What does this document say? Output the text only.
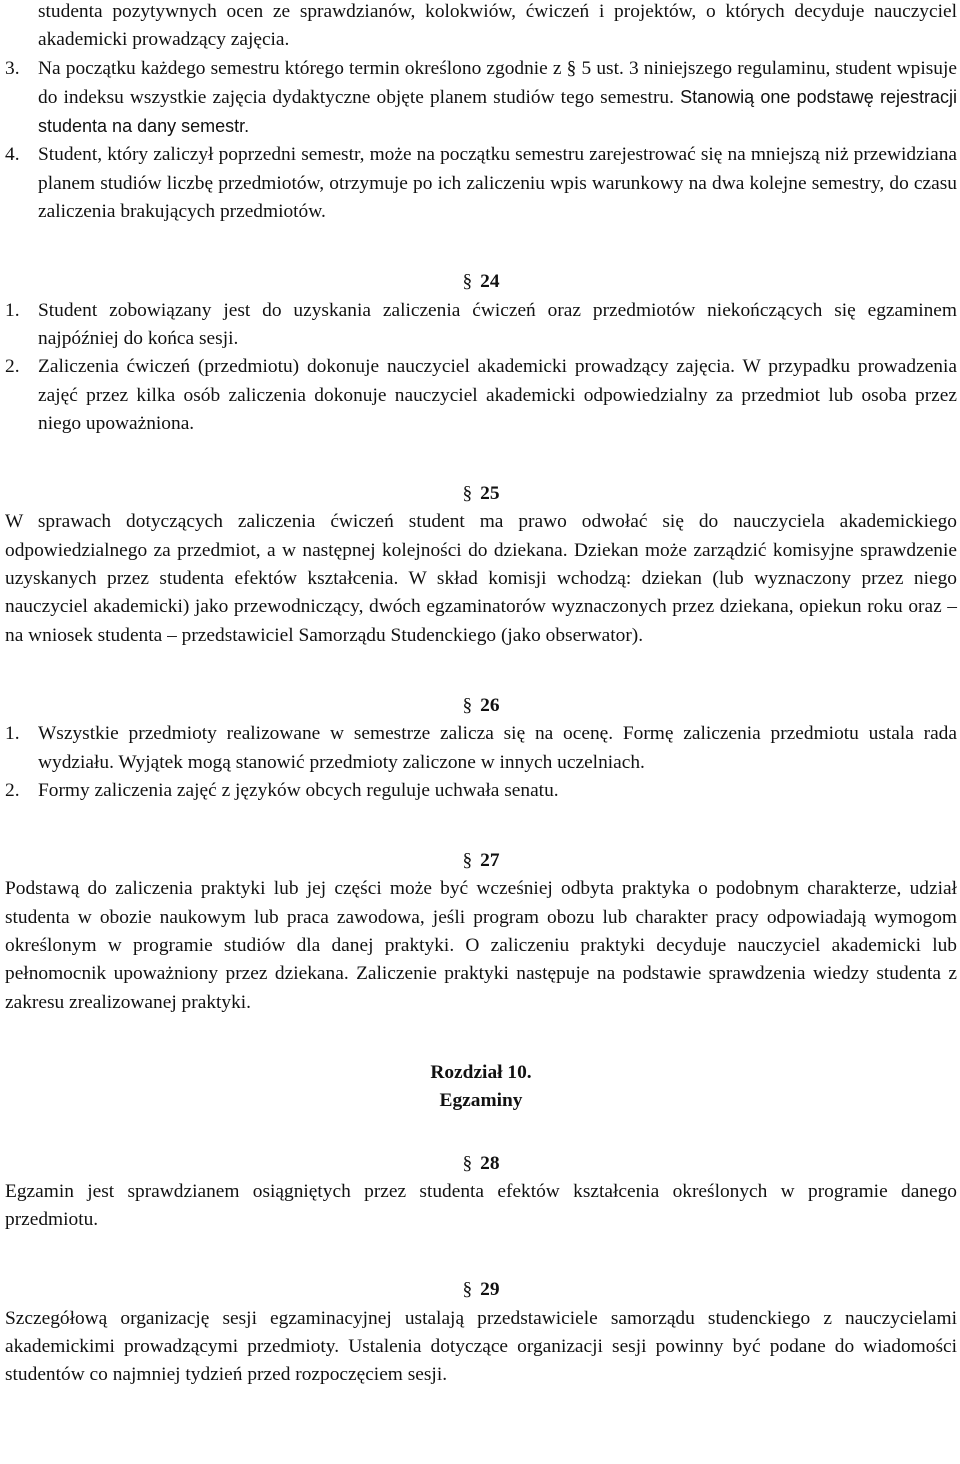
studenta pozytywnych ocen ze sprawdzianów, kolokwiów, ćwiczeń i projektów, o których decyduje nauczyciel akademicki prowadzący zajęcia.

3. Na początku każdego semestru którego termin określono zgodnie z § 5 ust. 3 niniejszego regulaminu, student wpisuje do indeksu wszystkie zajęcia dydaktyczne objęte planem studiów tego semestru. Stanowią one podstawę rejestracji studenta na dany semestr.
4. Student, który zaliczył poprzedni semestr, może na początku semestru zarejestrować się na mniejszą niż przewidziana planem studiów liczbę przedmiotów, otrzymuje po ich zaliczeniu wpis warunkowy na dwa kolejne semestry, do czasu zaliczenia brakujących przedmiotów.

§ 24

1. Student zobowiązany jest do uzyskania zaliczenia ćwiczeń oraz przedmiotów niekończących się egzaminem najpóźniej do końca sesji.
2. Zaliczenia ćwiczeń (przedmiotu) dokonuje nauczyciel akademicki prowadzący zajęcia. W przypadku prowadzenia zajęć przez kilka osób zaliczenia dokonuje nauczyciel akademicki odpowiedzialny za przedmiot lub osoba przez niego upoważniona.

§ 25

W sprawach dotyczących zaliczenia ćwiczeń student ma prawo odwołać się do nauczyciela akademickiego odpowiedzialnego za przedmiot, a w następnej kolejności do dziekana. Dziekan może zarządzić komisyjne sprawdzenie uzyskanych przez studenta efektów kształcenia. W skład komisji wchodzą: dziekan (lub wyznaczony przez niego nauczyciel akademicki) jako przewodniczący, dwóch egzaminatorów wyznaczonych przez dziekana, opiekun roku oraz – na wniosek studenta – przedstawiciel Samorządu Studenckiego (jako obserwator).

§ 26

1. Wszystkie przedmioty realizowane w semestrze zalicza się na ocenę. Formę zaliczenia przedmiotu ustala rada wydziału. Wyjątek mogą stanowić przedmioty zaliczone w innych uczelniach.
2. Formy zaliczenia zajęć z języków obcych reguluje uchwała senatu.

§ 27

Podstawą do zaliczenia praktyki lub jej części może być wcześniej odbyta praktyka o podobnym charakterze, udział studenta w obozie naukowym lub praca zawodowa, jeśli program obozu lub charakter pracy odpowiadają wymogom określonym w programie studiów dla danej praktyki. O zaliczeniu praktyki decyduje nauczyciel akademicki lub pełnomocnik upoważniony przez dziekana. Zaliczenie praktyki następuje na podstawie sprawdzenia wiedzy studenta z zakresu zrealizowanej praktyki.

Rozdział 10.

Egzaminy

§ 28

Egzamin jest sprawdzianem osiągniętych przez studenta efektów kształcenia określonych w programie danego przedmiotu.

§ 29

Szczegółową organizację sesji egzaminacyjnej ustalają przedstawiciele samorządu studenckiego z nauczycielami akademickimi prowadzącymi przedmioty. Ustalenia dotyczące organizacji sesji powinny być podane do wiadomości studentów co najmniej tydzień przed rozpoczęciem sesji.
